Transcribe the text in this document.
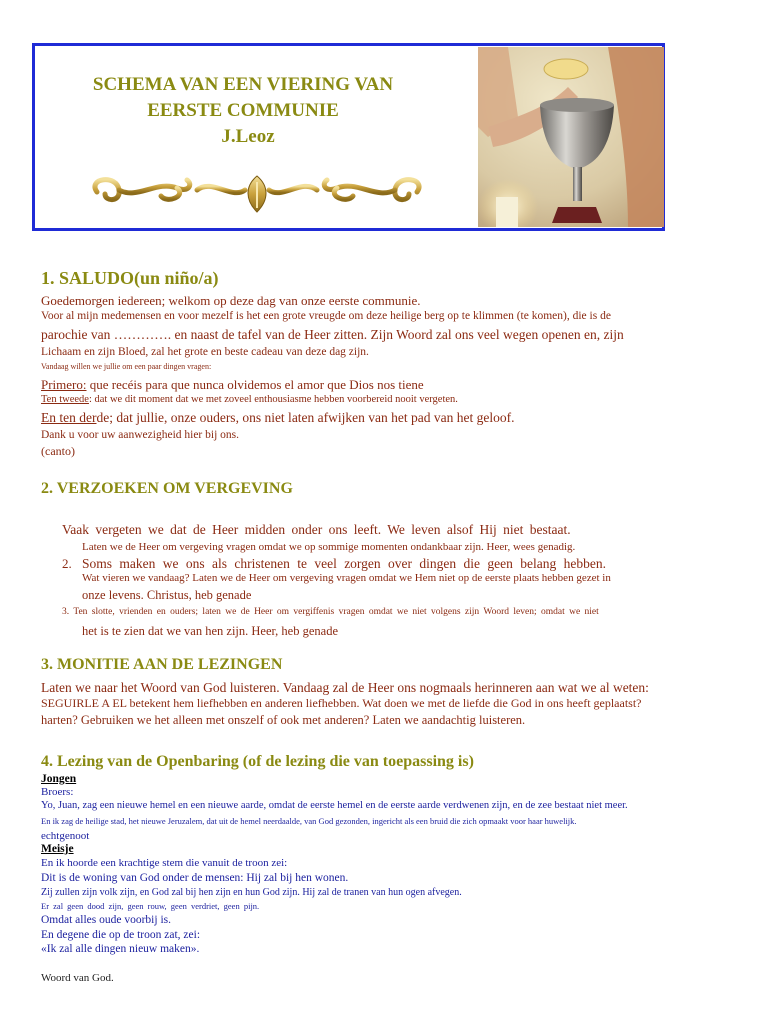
SCHEMA VAN EEN VIERING VAN
EERSTE COMMUNIE
J.Leoz
1. SALUDO(un niño/a)
Goedemorgen iedereen; welkom op deze dag van onze eerste communie.
Voor al mijn medemensen en voor mezelf is het een grote vreugde om deze heilige berg op te klimmen (te komen), die is de
parochie van …………. en naast de tafel van de Heer zitten. Zijn Woord zal ons veel wegen openen en, zijn
Lichaam en zijn Bloed, zal het grote en beste cadeau van deze dag zijn.
Vandaag willen we jullie om een paar dingen vragen:
Primero: que recéis para que nunca olvidemos el amor que Dios nos tiene
Ten tweede: dat we dit moment dat we met zoveel enthousiasme hebben voorbereid nooit vergeten.
En ten derde; dat jullie, onze ouders, ons niet laten afwijken van het pad van het geloof.
Dank u voor uw aanwezigheid hier bij ons.
(canto)
2. VERZOEKEN OM VERGEVING
Vaak vergeten we dat de Heer midden onder ons leeft. We leven alsof Hij niet bestaat.
Laten we de Heer om vergeving vragen omdat we op sommige momenten ondankbaar zijn. Heer, wees genadig.
2. Soms maken we ons als christenen te veel zorgen over dingen die geen belang hebben.
Wat vieren we vandaag? Laten we de Heer om vergeving vragen omdat we Hem niet op de eerste plaats hebben gezet in
onze levens. Christus, heb genade
3. Ten slotte, vrienden en ouders; laten we de Heer om vergiffenis vragen omdat we niet volgens zijn Woord leven; omdat we niet
het is te zien dat we van hen zijn. Heer, heb genade
3. MONITIE AAN DE LEZINGEN
Laten we naar het Woord van God luisteren. Vandaag zal de Heer ons nogmaals herinneren aan wat we al weten:
SEGUIRLE A EL betekent hem liefhebben en anderen liefhebben. Wat doen we met de liefde die God in ons heeft geplaatst?
harten? Gebruiken we het alleen met onszelf of ook met anderen? Laten we aandachtig luisteren.
4. Lezing van de Openbaring (of de lezing die van toepassing is)
Jongen
Broers:
Yo, Juan, zag een nieuwe hemel en een nieuwe aarde, omdat de eerste hemel en de eerste aarde verdwenen zijn, en de zee bestaat niet meer.
En ik zag de heilige stad, het nieuwe Jeruzalem, dat uit de hemel neerdaalde, van God gezonden, ingericht als een bruid die zich opmaakt voor haar huwelijk.
echtgenoot
Meisje
En ik hoorde een krachtige stem die vanuit de troon zei:
Dit is de woning van God onder de mensen: Hij zal bij hen wonen.
Zij zullen zijn volk zijn, en God zal bij hen zijn en hun God zijn. Hij zal de tranen van hun ogen afvegen.
Er zal geen dood zijn, geen rouw, geen verdriet, geen pijn.
Omdat alles oude voorbij is.
En degene die op de troon zat, zei:
«Ik zal alle dingen nieuw maken».
Woord van God.
